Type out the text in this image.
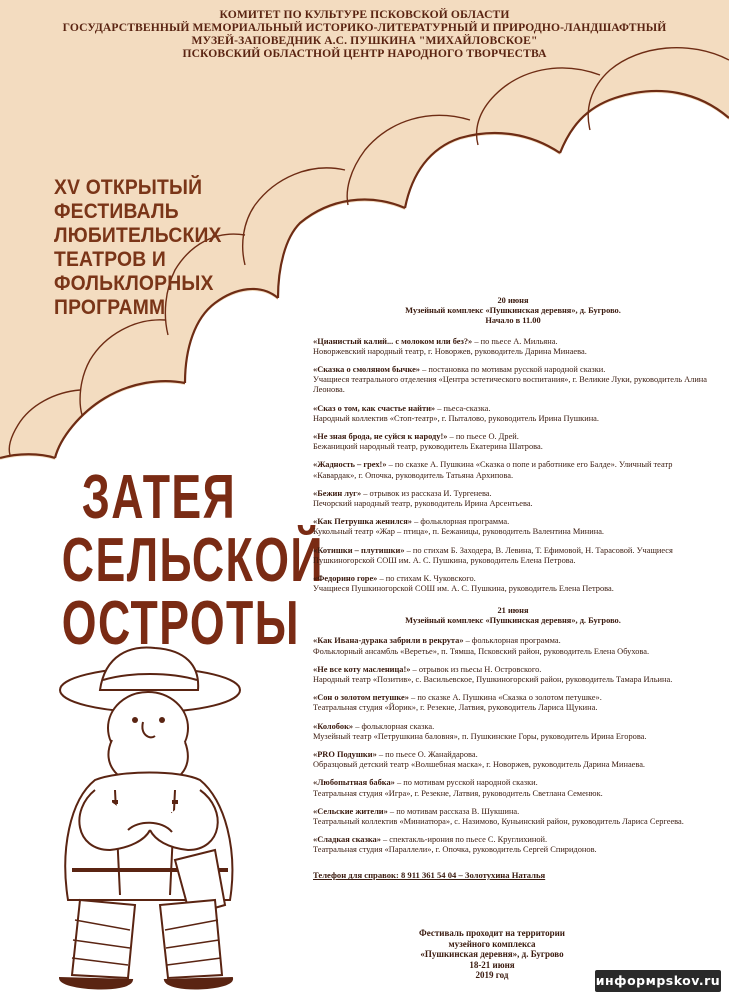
КОМИТЕТ ПО КУЛЬТУРЕ ПСКОВСКОЙ ОБЛАСТИ
ГОСУДАРСТВЕННЫЙ МЕМОРИАЛЬНЫЙ ИСТОРИКО-ЛИТЕРАТУРНЫЙ И ПРИРОДНО-ЛАНДШАФТНЫЙ
МУЗЕЙ-ЗАПОВЕДНИК А.С. ПУШКИНА "МИХАЙЛОВСКОЕ"
ПСКОВСКИЙ ОБЛАСТНОЙ ЦЕНТР НАРОДНОГО ТВОРЧЕСТВА
XV ОТКРЫТЫЙ
ФЕСТИВАЛЬ
ЛЮБИТЕЛЬСКИХ
ТЕАТРОВ И
ФОЛЬКЛОРНЫХ
ПРОГРАММ
ЗАТЕЯ
СЕЛЬСКОЙ
ОСТРОТЫ
20 июня
Музейный комплекс «Пушкинская деревня», д. Бугрово.
Начало в 11.00
«Цианистый калий... с молоком или без?» – по пьесе А. Мильяна.
Новоржевский народный театр, г. Новоржев, руководитель Дарина Минаева.
«Сказка о смоляном бычке» – постановка по мотивам русской народной сказки.
Учащиеся театрального отделения «Центра эстетического воспитания», г. Великие Луки, руководитель Алина Леонова.
«Сказ о том, как счастье найти» – пьеса-сказка.
Народный коллектив «Стоп-театр», г. Пыталово, руководитель Ирина Пушкина.
«Не зная брода, не суйся к народу!» – по пьесе О. Дрей.
Бежаницкий народный театр, руководитель Екатерина Шатрова.
«Жадность – грех!» – по сказке А. Пушкина «Сказка о попе и работнике его Балде». Уличный театр «Кавардак», г. Опочка, руководитель Татьяна Архипова.
«Бежин луг» – отрывок из рассказа И. Тургенева.
Печорский народный театр, руководитель Ирина Арсентьева.
«Как Петрушка женился» – фольклорная программа.
Кукольный театр «Жар – птица», п. Бежаницы, руководитель Валентина Минина.
«Котишки – плутишки» – по стихам Б. Заходера, В. Левина, Т. Ефимовой, Н. Тарасовой. Учащиеся Пушкиногорской СОШ им. А. С. Пушкина, руководитель Елена Петрова.
«Федорино горе» – по стихам К. Чуковского.
Учащиеся Пушкиногорской СОШ им. А. С. Пушкина, руководитель Елена Петрова.
21 июня
Музейный комплекс «Пушкинская деревня», д. Бугрово.
«Как Ивана-дурака забрили в рекрута» – фольклорная программа.
Фольклорный ансамбль «Веретье», п. Тямша, Псковский район, руководитель Елена Обухова.
«Не все коту масленица!» – отрывок из пьесы Н. Островского.
Народный театр «Позитив», с. Васильевское, Пушкиногорский район, руководитель Тамара Ильина.
«Сон о золотом петушке» – по сказке А. Пушкина «Сказка о золотом петушке».
Театральная студия «Йорик», г. Резекне, Латвия, руководитель Лариса Щукина.
«Колобок» – фольклорная сказка.
Музейный театр «Петрушкина баловня», п. Пушкинские Горы, руководитель Ирина Егорова.
«PRO Подушки» – по пьесе О. Жанайдарова.
Образцовый детский театр «Волшебная маска», г. Новоржев, руководитель Дарина Минаева.
«Любопытная бабка» – по мотивам русской народной сказки.
Театральная студия «Игра», г. Резекне, Латвия, руководитель Светлана Семенюк.
«Сельские жители» – по мотивам рассказа В. Шукшина.
Театральный коллектив «Миниатюра», с. Назимово, Куньинский район, руководитель Лариса Сергеева.
«Сладкая сказка» – спектакль-ирония по пьесе С. Круглихиной.
Театральная студия «Параллели», г. Опочка, руководитель Сергей Спиридонов.
Телефон для справок: 8 911 361 54 04 – Золотухина Наталья
Фестиваль проходит на территории
музейного комплекса
«Пушкинская деревня», д. Бугрово
18-21 июня
2019 год	информpskov.ru
